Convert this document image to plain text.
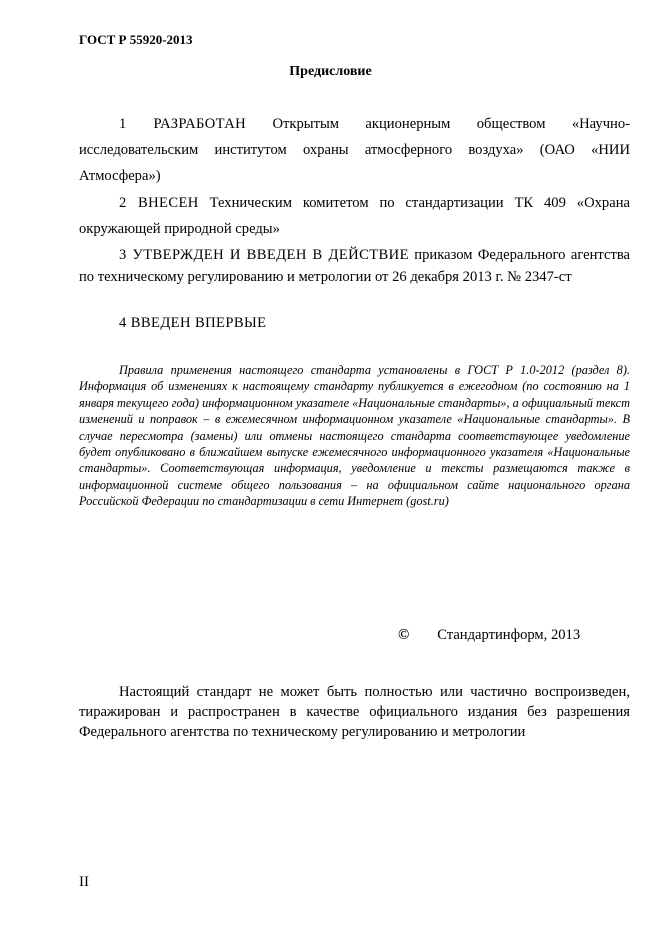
ГОСТ Р 55920-2013
Предисловие

1 РАЗРАБОТАН Открытым акционерным обществом «Научно-исследовательским институтом охраны атмосферного воздуха» (ОАО «НИИ Атмосфера»)

2 ВНЕСЕН Техническим комитетом по стандартизации ТК 409 «Охрана окружающей природной среды»

3 УТВЕРЖДЕН И ВВЕДЕН В ДЕЙСТВИЕ приказом Федерального агентства по техническому регулированию и метрологии от 26 декабря 2013 г. № 2347-ст

4 ВВЕДЕН ВПЕРВЫЕ

Правила применения настоящего стандарта установлены в ГОСТ Р 1.0-2012 (раздел 8). Информация об изменениях к настоящему стандарту публикуется в ежегодном (по состоянию на 1 января текущего года) информационном указателе «Национальные стандарты», а официальный текст изменений и поправок – в ежемесячном информационном указателе «Национальные стандарты». В случае пересмотра (замены) или отмены настоящего стандарта соответствующее уведомление будет опубликовано в ближайшем выпуске ежемесячного информационного указателя «Национальные стандарты». Соответствующая информация, уведомление и тексты размещаются также в информационной системе общего пользования – на официальном сайте национального органа Российской Федерации по стандартизации в сети Интернет (gost.ru)

© Стандартинформ, 2013

Настоящий стандарт не может быть полностью или частично воспроизведен, тиражирован и распространен в качестве официального издания без разрешения Федерального агентства по техническому регулированию и метрологии

II
